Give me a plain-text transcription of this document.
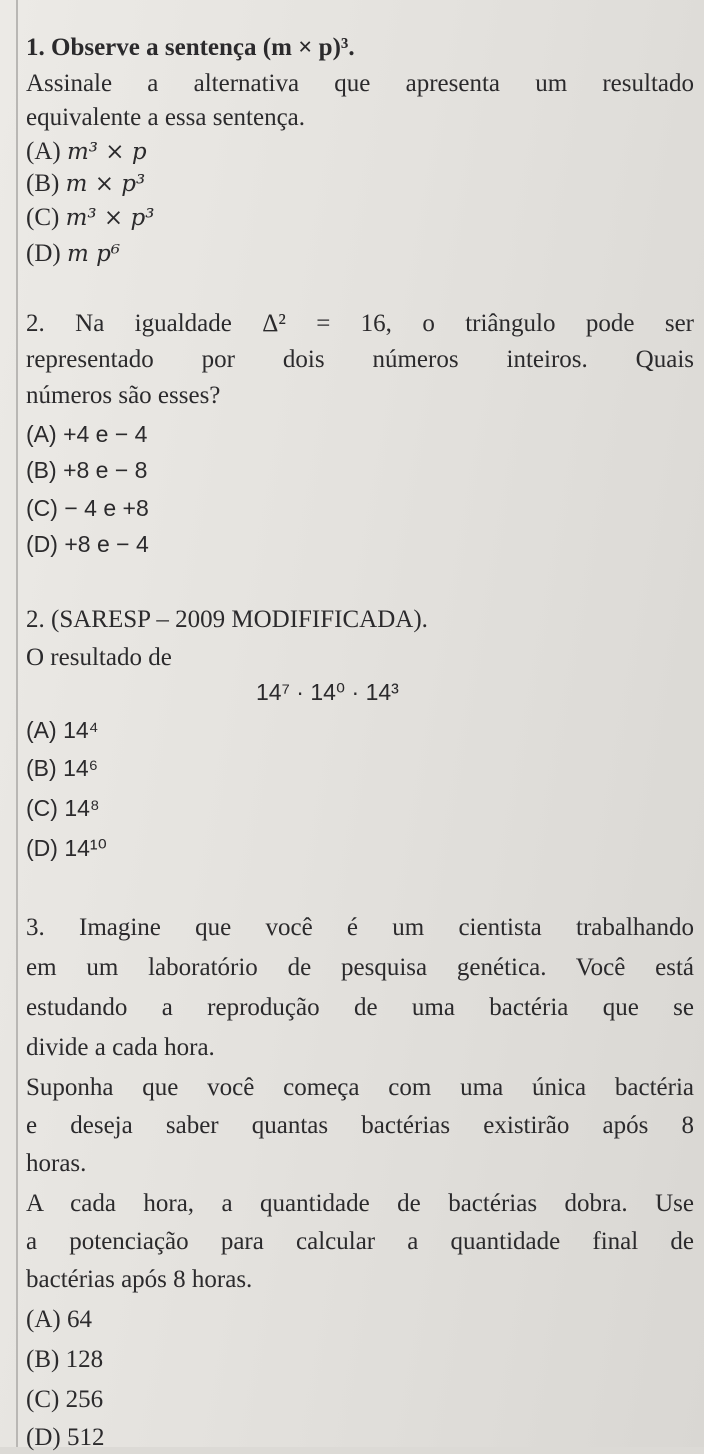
1. Observe a sentença (m × p)³.
Assinale a alternativa que apresenta um resultado
equivalente a essa sentença.
(A) m³ × p
(B) m × p³
(C) m³ × p³
(D) m p⁶
2. Na igualdade Δ² = 16, o triângulo pode ser
representado por dois números inteiros. Quais
números são esses?
(A) +4 e − 4
(B) +8 e − 8
(C) − 4 e +8
(D) +8 e − 4
2. (SARESP – 2009 MODIFIFICADA).
O resultado de
14⁷ · 14⁰ · 14³
(A) 14⁴
(B) 14⁶
(C) 14⁸
(D) 14¹⁰
3. Imagine que você é um cientista trabalhando
em um laboratório de pesquisa genética. Você está
estudando a reprodução de uma bactéria que se
divide a cada hora.
Suponha que você começa com uma única bactéria
e deseja saber quantas bactérias existirão após 8
horas.
A cada hora, a quantidade de bactérias dobra. Use
a potenciação para calcular a quantidade final de
bactérias após 8 horas.
(A) 64
(B) 128
(C) 256
(D) 512
